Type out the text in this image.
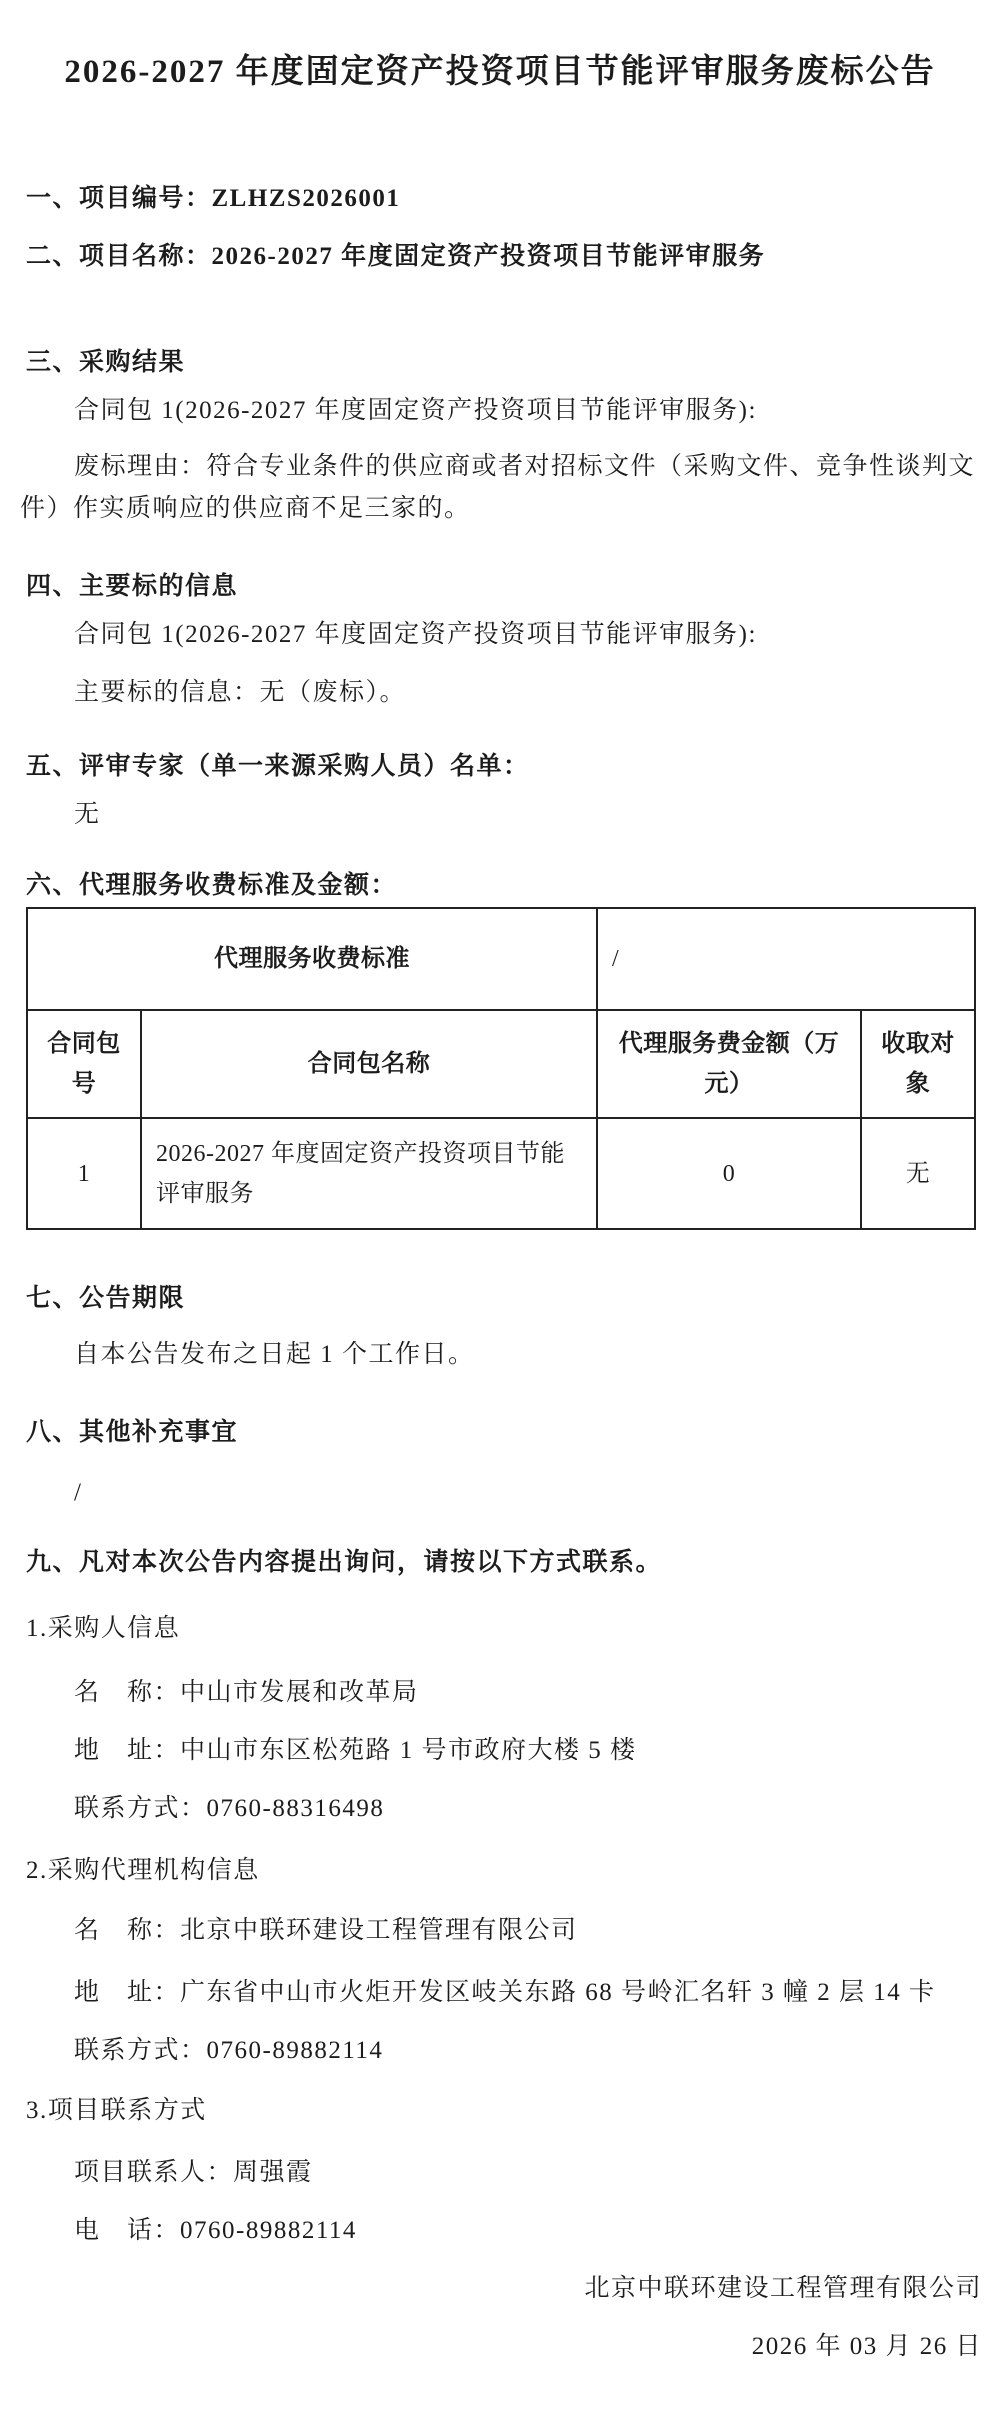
2026-2027 年度固定资产投资项目节能评审服务废标公告
一、项目编号：ZLHZS2026001
二、项目名称：2026-2027 年度固定资产投资项目节能评审服务
三、采购结果
合同包 1(2026-2027 年度固定资产投资项目节能评审服务):
废标理由：符合专业条件的供应商或者对招标文件（采购文件、竞争性谈判文件）作实质响应的供应商不足三家的。
四、主要标的信息
合同包 1(2026-2027 年度固定资产投资项目节能评审服务):
主要标的信息：无（废标）。
五、评审专家（单一来源采购人员）名单：
无
六、代理服务收费标准及金额：
代理服务收费标准		/	
合同包号	合同包名称	代理服务费金额（万元）	收取对象
1	2026-2027 年度固定资产投资项目节能评审服务	0	无
七、公告期限
自本公告发布之日起 1 个工作日。
八、其他补充事宜
/
九、凡对本次公告内容提出询问，请按以下方式联系。
1.采购人信息
名　称：中山市发展和改革局
地　址：中山市东区松苑路 1 号市政府大楼 5 楼
联系方式：0760-88316498
2.采购代理机构信息
名　称：北京中联环建设工程管理有限公司
地　址：广东省中山市火炬开发区岐关东路 68 号岭汇名轩 3 幢 2 层 14 卡
联系方式：0760-89882114
3.项目联系方式
项目联系人：周强霞
电　话：0760-89882114
北京中联环建设工程管理有限公司
2026 年 03 月 26 日
